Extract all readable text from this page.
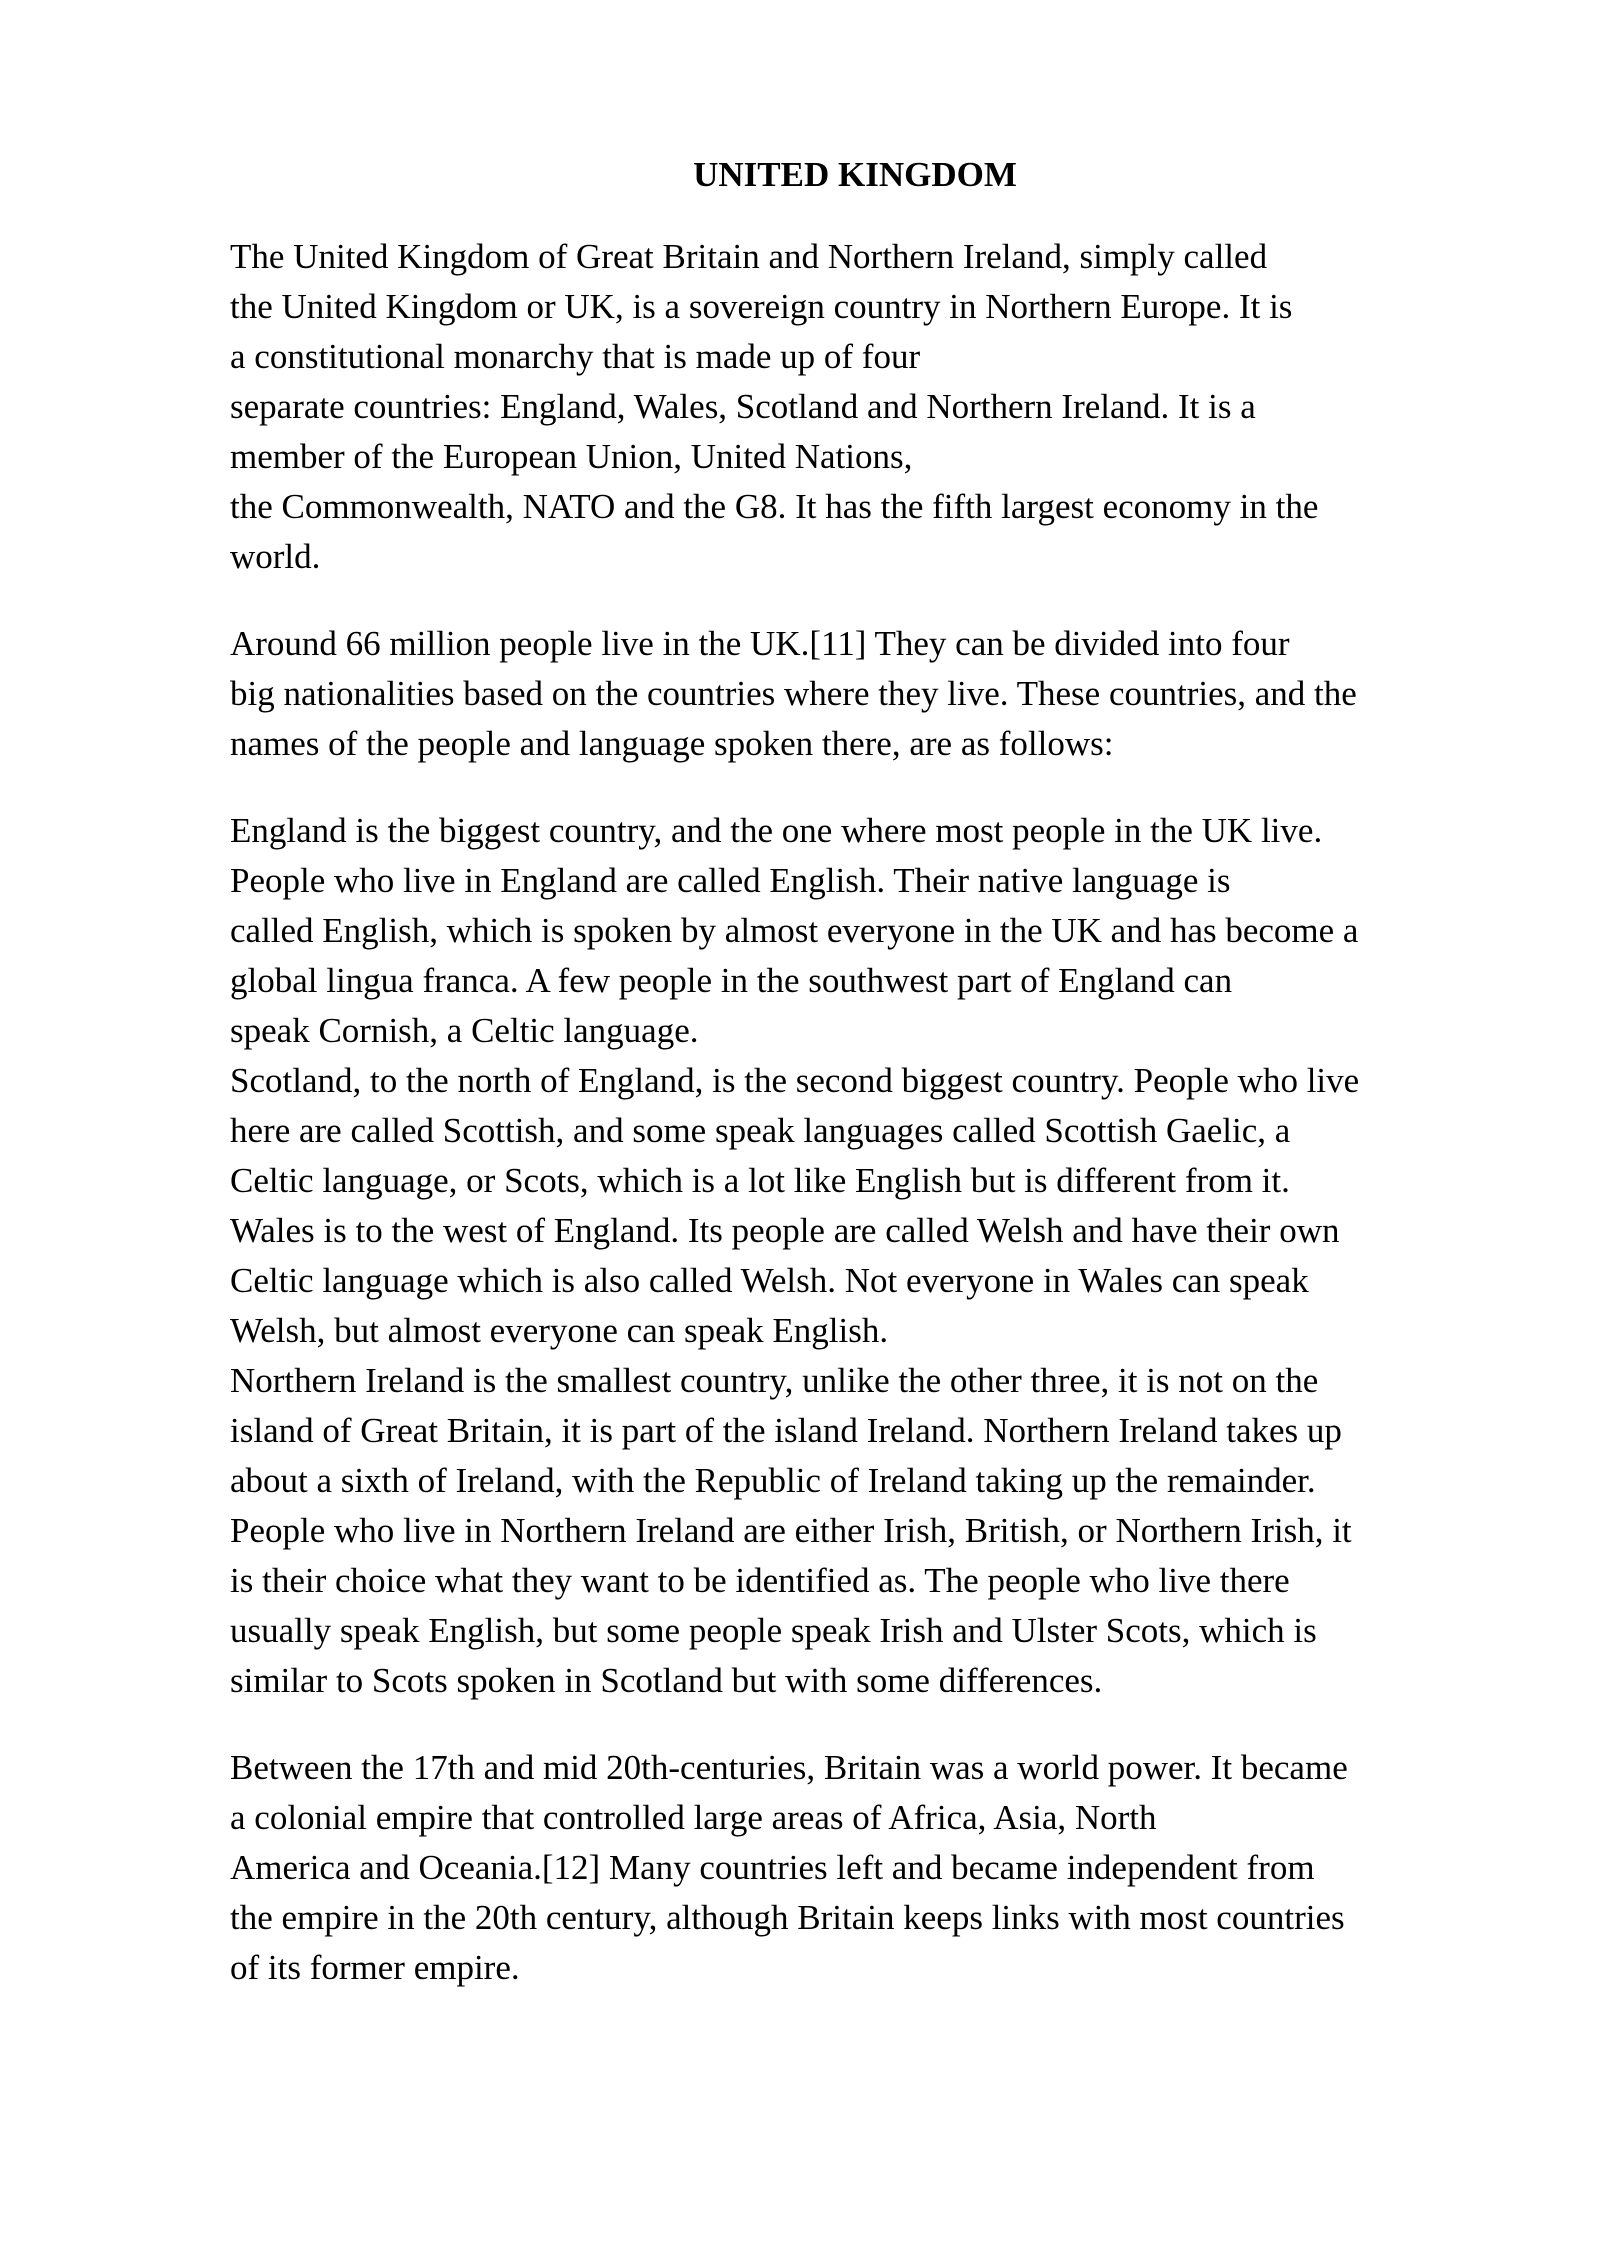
UNITED KINGDOM
The United Kingdom of Great Britain and Northern Ireland, simply called
the United Kingdom or UK, is a sovereign country in Northern Europe. It is
a constitutional monarchy that is made up of four
separate countries: England, Wales, Scotland and Northern Ireland. It is a
member of the European Union, United Nations,
the Commonwealth, NATO and the G8. It has the fifth largest economy in the
world.
Around 66 million people live in the UK.[11] They can be divided into four
big nationalities based on the countries where they live. These countries, and the
names of the people and language spoken there, are as follows:
England is the biggest country, and the one where most people in the UK live.
People who live in England are called English. Their native language is
called English, which is spoken by almost everyone in the UK and has become a
global lingua franca. A few people in the southwest part of England can
speak Cornish, a Celtic language.
Scotland, to the north of England, is the second biggest country. People who live
here are called Scottish, and some speak languages called Scottish Gaelic, a
Celtic language, or Scots, which is a lot like English but is different from it.
Wales is to the west of England. Its people are called Welsh and have their own
Celtic language which is also called Welsh. Not everyone in Wales can speak
Welsh, but almost everyone can speak English.
Northern Ireland is the smallest country, unlike the other three, it is not on the
island of Great Britain, it is part of the island Ireland. Northern Ireland takes up
about a sixth of Ireland, with the Republic of Ireland taking up the remainder.
People who live in Northern Ireland are either Irish, British, or Northern Irish, it
is their choice what they want to be identified as. The people who live there
usually speak English, but some people speak Irish and Ulster Scots, which is
similar to Scots spoken in Scotland but with some differences.
Between the 17th and mid 20th-centuries, Britain was a world power. It became
a colonial empire that controlled large areas of Africa, Asia, North
America and Oceania.[12] Many countries left and became independent from
the empire in the 20th century, although Britain keeps links with most countries
of its former empire.
